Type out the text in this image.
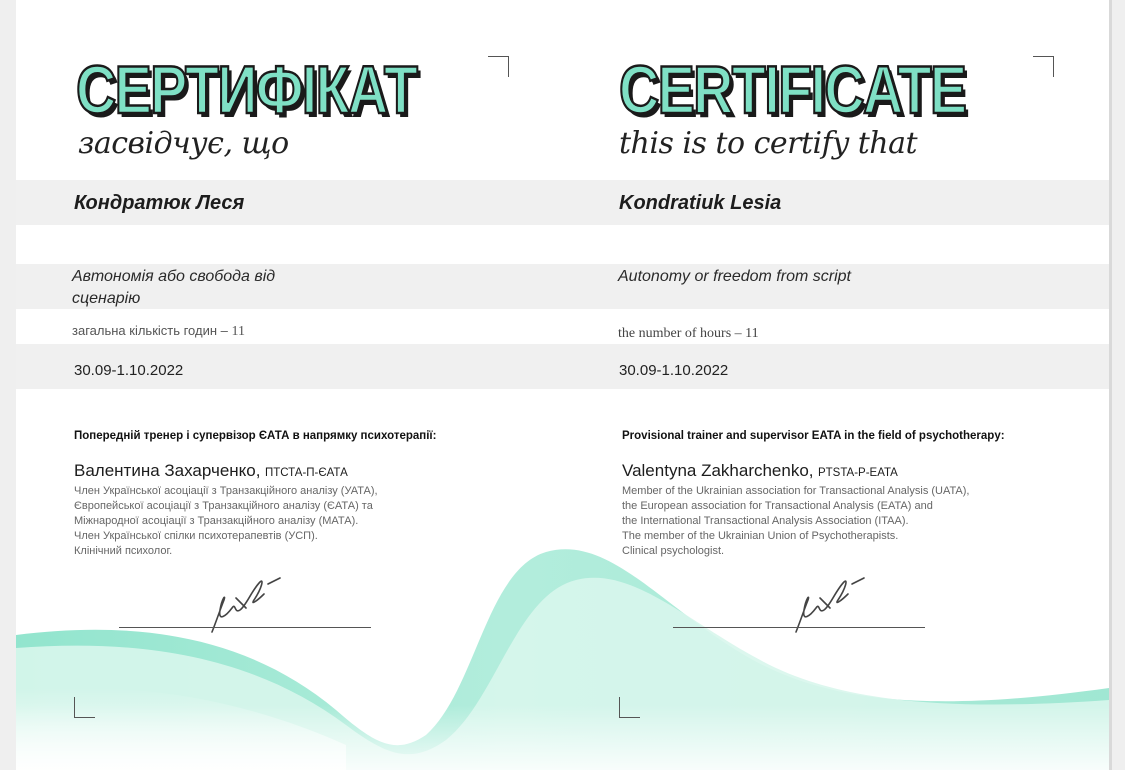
СЕРТИФІКАТ

засвідчує, що

Кондратюк Леся

Автономія або свобода від
сценарію

загальна кількість годин – 11

30.09-1.10.2022

Попередній тренер і супервізор ЄАТА в напрямку психотерапії:

Валентина Захарченко, ПТСТА-П-ЄАТА

Член Української асоціації з Транзакційного аналізу (УАТА),
Європейської асоціації з Транзакційного аналізу (ЄАТА) та
Міжнародної асоціації з Транзакційного аналізу (МАТА).
Член Української спілки психотерапевтів (УСП).
Клінічний психолог.
CERTIFICATE

this is to certify that

Kondratiuk Lesia

Autonomy or freedom from script

the number of hours – 11

30.09-1.10.2022

Provisional trainer and supervisor EATA in the field of psychotherapy:

Valentyna Zakharchenko, PTSTA-P-EATA

Member of the Ukrainian association for Transactional Analysis (UATA),
the European association for Transactional Analysis (EATA) and
the International Transactional Analysis Association (ITAA).
The member of the Ukrainian Union of Psychotherapists.
Clinical psychologist.
